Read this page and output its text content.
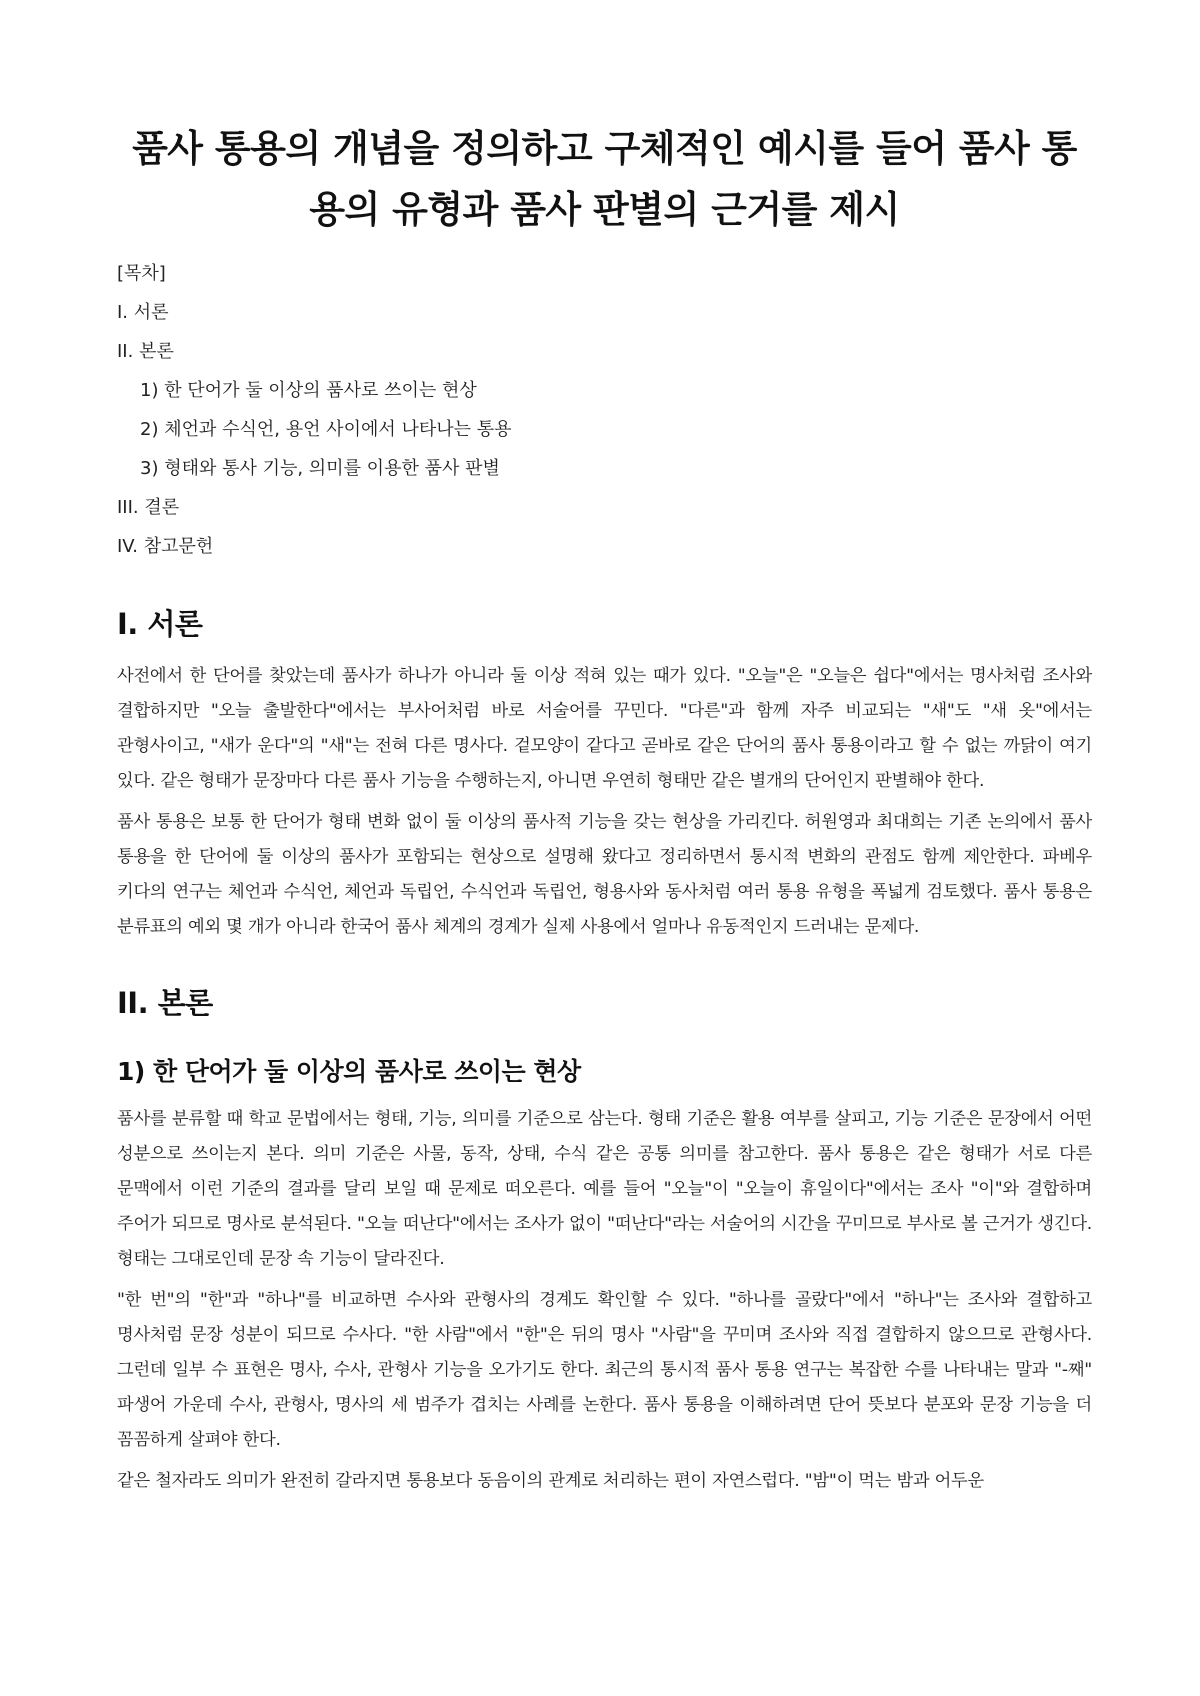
품사 통용의 개념을 정의하고 구체적인 예시를 들어 품사 통용의 유형과 품사 판별의 근거를 제시
[목차]
I. 서론
II. 본론
1) 한 단어가 둘 이상의 품사로 쓰이는 현상
2) 체언과 수식언, 용언 사이에서 나타나는 통용
3) 형태와 통사 기능, 의미를 이용한 품사 판별
III. 결론
IV. 참고문헌
I. 서론

사전에서 한 단어를 찾았는데 품사가 하나가 아니라 둘 이상 적혀 있는 때가 있다. "오늘"은 "오늘은 쉽다"에서는 명사처럼 조사와 결합하지만 "오늘 출발한다"에서는 부사어처럼 바로 서술어를 꾸민다. "다른"과 함께 자주 비교되는 "새"도 "새 옷"에서는 관형사이고, "새가 운다"의 "새"는 전혀 다른 명사다. 겉모양이 같다고 곧바로 같은 단어의 품사 통용이라고 할 수 없는 까닭이 여기 있다. 같은 형태가 문장마다 다른 품사 기능을 수행하는지, 아니면 우연히 형태만 같은 별개의 단어인지 판별해야 한다.

품사 통용은 보통 한 단어가 형태 변화 없이 둘 이상의 품사적 기능을 갖는 현상을 가리킨다. 허원영과 최대희는 기존 논의에서 품사 통용을 한 단어에 둘 이상의 품사가 포함되는 현상으로 설명해 왔다고 정리하면서 통시적 변화의 관점도 함께 제안한다. 파베우 키다의 연구는 체언과 수식언, 체언과 독립언, 수식언과 독립언, 형용사와 동사처럼 여러 통용 유형을 폭넓게 검토했다. 품사 통용은 분류표의 예외 몇 개가 아니라 한국어 품사 체계의 경계가 실제 사용에서 얼마나 유동적인지 드러내는 문제다.

II. 본론
1) 한 단어가 둘 이상의 품사로 쓰이는 현상

품사를 분류할 때 학교 문법에서는 형태, 기능, 의미를 기준으로 삼는다. 형태 기준은 활용 여부를 살피고, 기능 기준은 문장에서 어떤 성분으로 쓰이는지 본다. 의미 기준은 사물, 동작, 상태, 수식 같은 공통 의미를 참고한다. 품사 통용은 같은 형태가 서로 다른 문맥에서 이런 기준의 결과를 달리 보일 때 문제로 떠오른다. 예를 들어 "오늘"이 "오늘이 휴일이다"에서는 조사 "이"와 결합하며 주어가 되므로 명사로 분석된다. "오늘 떠난다"에서는 조사가 없이 "떠난다"라는 서술어의 시간을 꾸미므로 부사로 볼 근거가 생긴다. 형태는 그대로인데 문장 속 기능이 달라진다.

"한 번"의 "한"과 "하나"를 비교하면 수사와 관형사의 경계도 확인할 수 있다. "하나를 골랐다"에서 "하나"는 조사와 결합하고 명사처럼 문장 성분이 되므로 수사다. "한 사람"에서 "한"은 뒤의 명사 "사람"을 꾸미며 조사와 직접 결합하지 않으므로 관형사다. 그런데 일부 수 표현은 명사, 수사, 관형사 기능을 오가기도 한다. 최근의 통시적 품사 통용 연구는 복잡한 수를 나타내는 말과 "-째" 파생어 가운데 수사, 관형사, 명사의 세 범주가 겹치는 사례를 논한다. 품사 통용을 이해하려면 단어 뜻보다 분포와 문장 기능을 더 꼼꼼하게 살펴야 한다.

같은 철자라도 의미가 완전히 갈라지면 통용보다 동음이의 관계로 처리하는 편이 자연스럽다. "밤"이 먹는 밤과 어두운
